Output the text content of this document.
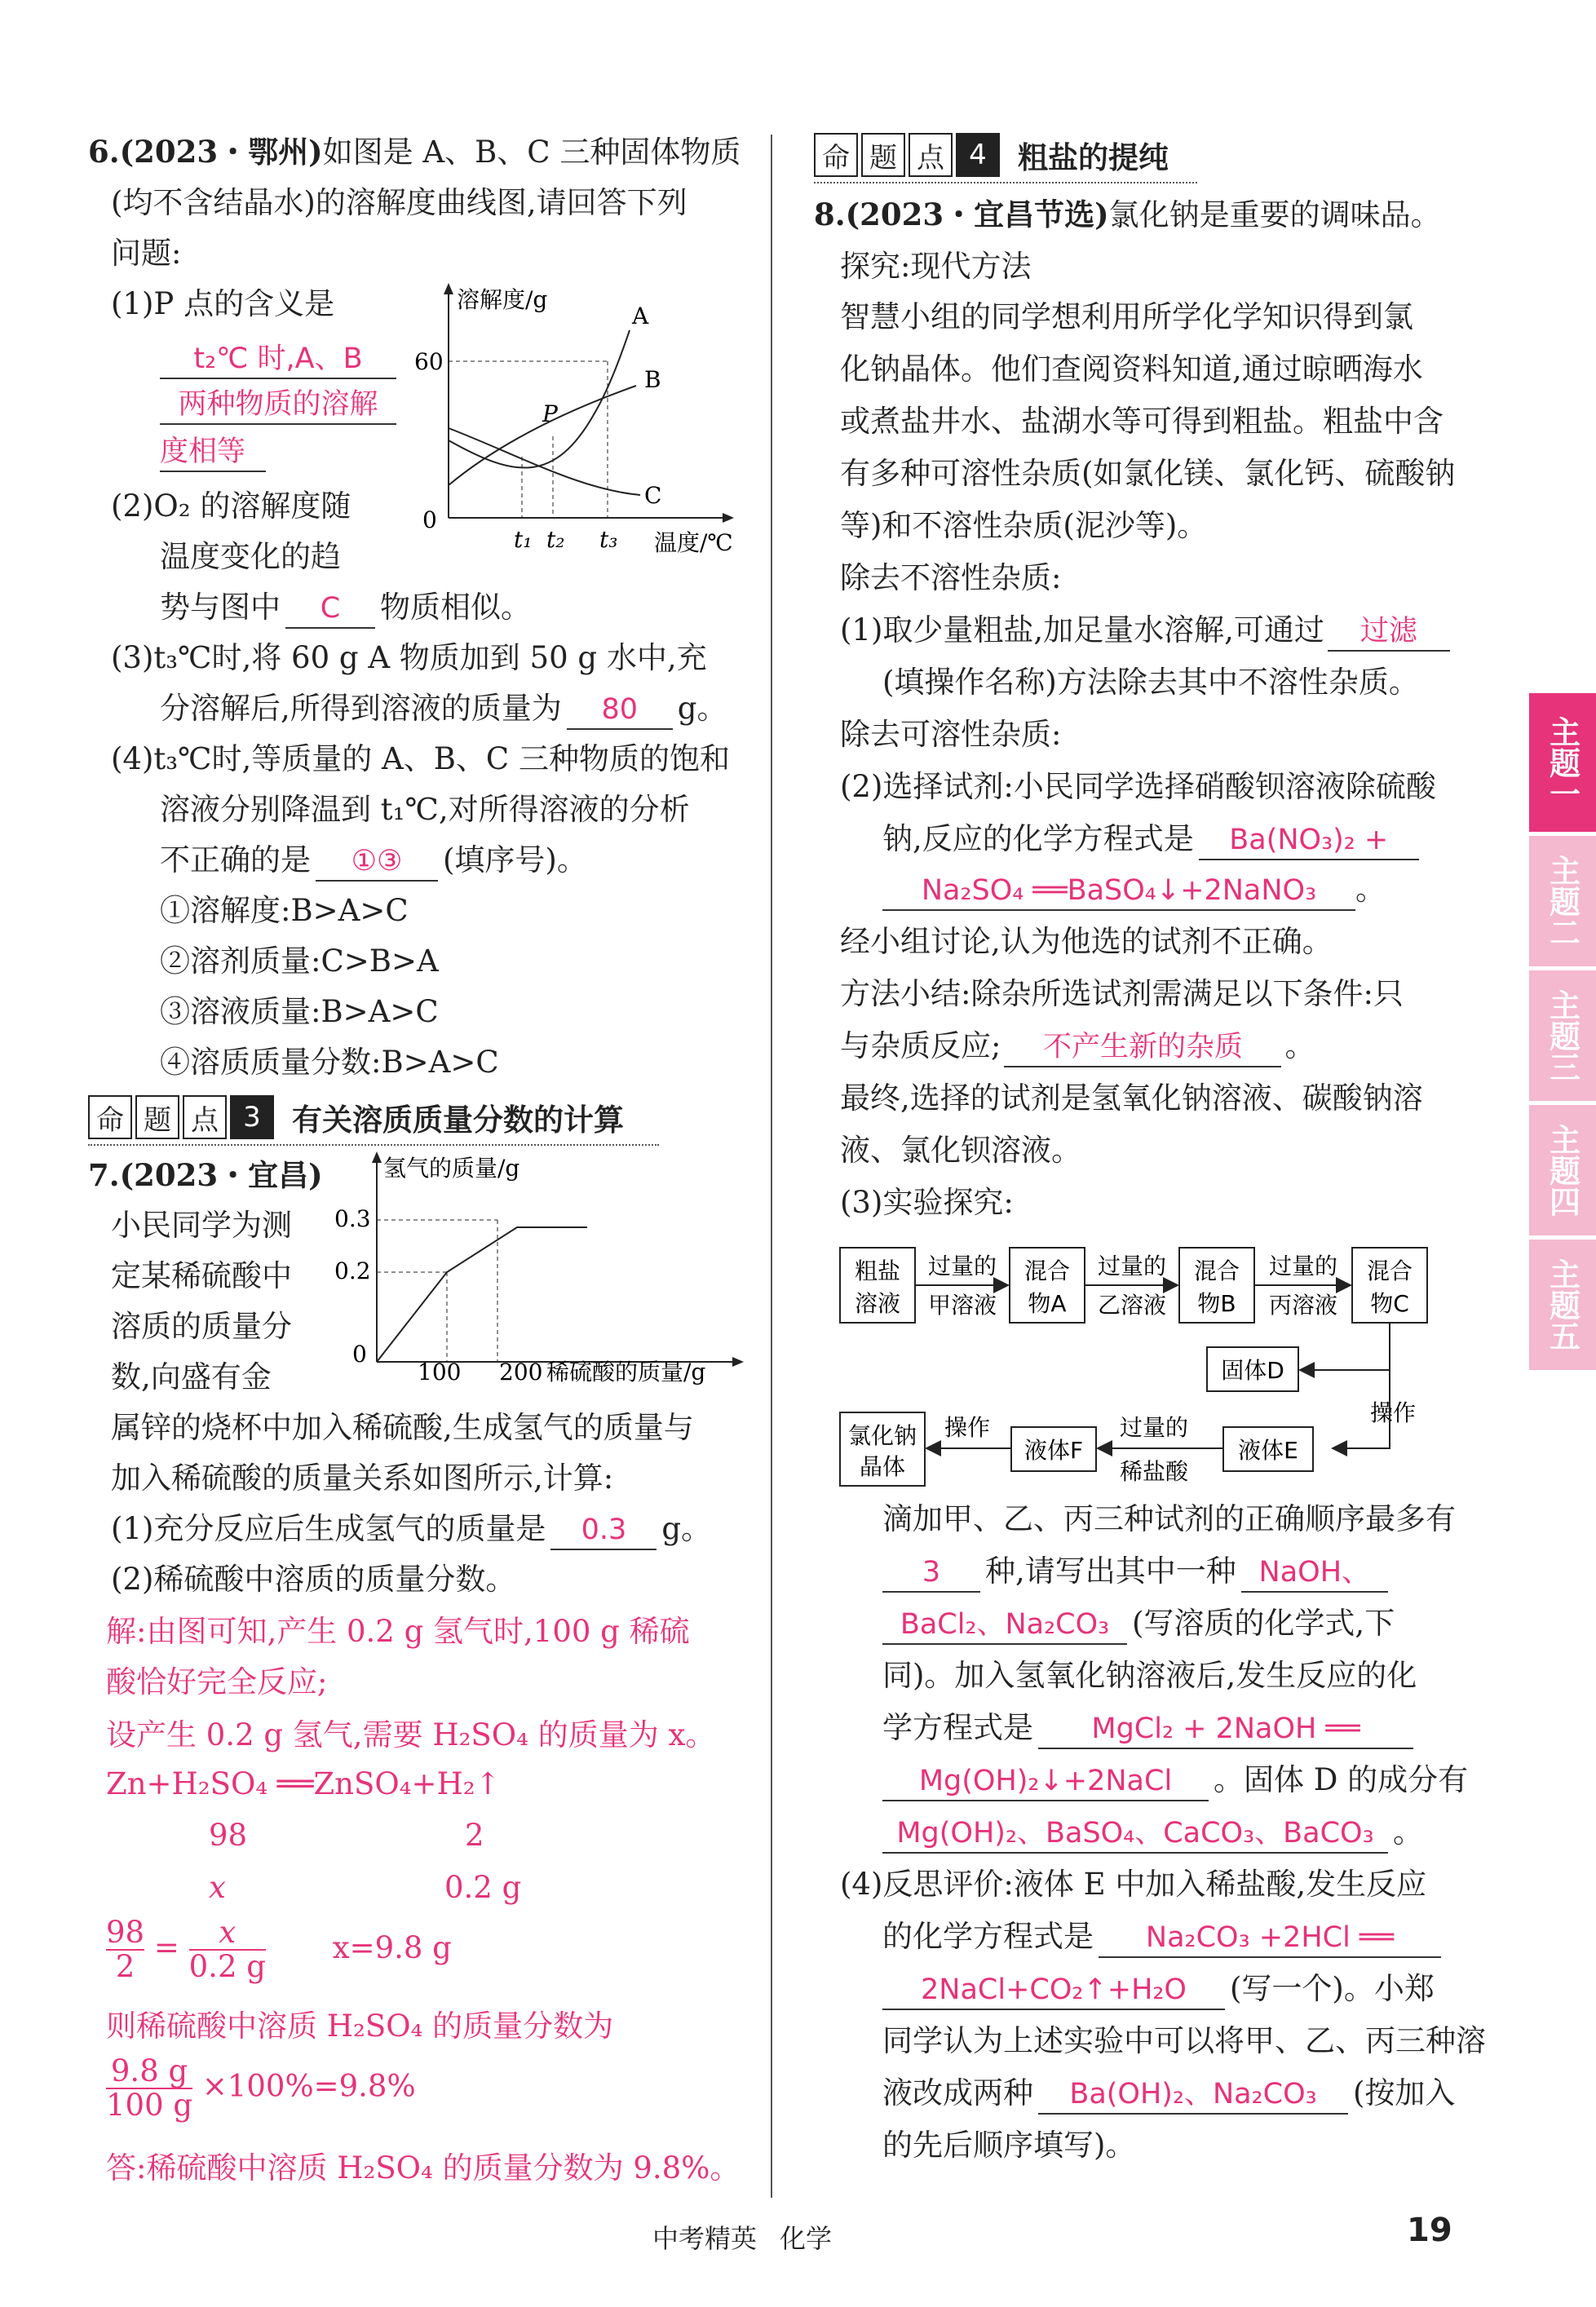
6.(2023・鄂州)如图是 A、B、C 三种固体物质
(均不含结晶水)的溶解度曲线图,请回答下列
问题:
(1)P 点的含义是
t₂℃ 时,A、B
两种物质的溶解
度相等
(2)O₂ 的溶解度随
温度变化的趋
势与图中 C 物质相似。
(3)t₃℃时,将 60 g A 物质加到 50 g 水中,充
分溶解后,所得到溶液的质量为 80 g。
(4)t₃℃时,等质量的 A、B、C 三种物质的饱和
溶液分别降温到 t₁℃,对所得溶液的分析
不正确的是 ①③ (填序号)。
①溶解度:B>A>C
②溶剂质量:C>B>A
③溶液质量:B>A>C
④溶质质量分数:B>A>C
溶解度/g
温度/℃
60
0
t₁ t₂ t₃
A
B
C
P
命 题 点 3	有关溶质质量分数的计算
7.(2023・宜昌)
小民同学为测
定某稀硫酸中
溶质的质量分
数,向盛有金
属锌的烧杯中加入稀硫酸,生成氢气的质量与
加入稀硫酸的质量关系如图所示,计算:
(1)充分反应后生成氢气的质量是 0.3 g。
(2)稀硫酸中溶质的质量分数。
解:由图可知,产生 0.2 g 氢气时,100 g 稀硫
酸恰好完全反应;
设产生 0.2 g 氢气,需要 H₂SO₄ 的质量为 x。
Zn+H₂SO₄ ══ZnSO₄+H₂↑
98	2
x	0.2 g
$\frac{98}{2} = \frac{x}{0.2 g} x=9.8$ g
则稀硫酸中溶质 H₂SO₄ 的质量分数为
$\frac{9.8 g}{100 g} \times 100\%=9.8\%$
答:稀硫酸中溶质 H₂SO₄ 的质量分数为 9.8%。
氢气的质量/g
稀硫酸的质量/g
0.3
0.2
0
100 200
命 题 点 4	粗盐的提纯
8.(2023・宜昌节选)氯化钠是重要的调味品。
探究:现代方法
智慧小组的同学想利用所学化学知识得到氯
化钠晶体。他们查阅资料知道,通过晾晒海水
或煮盐井水、盐湖水等可得到粗盐。粗盐中含
有多种可溶性杂质(如氯化镁、氯化钙、硫酸钠
等)和不溶性杂质(泥沙等)。
除去不溶性杂质:
(1)取少量粗盐,加足量水溶解,可通过 过滤
(填操作名称)方法除去其中不溶性杂质。
除去可溶性杂质:
(2)选择试剂:小民同学选择硝酸钡溶液除硫酸
钠,反应的化学方程式是 Ba(NO₃)₂ +
Na₂SO₄ ══BaSO₄↓+2NaNO₃ 。
经小组讨论,认为他选的试剂不正确。
方法小结:除杂所选试剂需满足以下条件:只
与杂质反应; 不产生新的杂质 。
最终,选择的试剂是氢氧化钠溶液、碳酸钠溶
液、氯化钡溶液。
(3)实验探究:
粗盐
溶液
过量的
甲溶液
混合
物A
过量的
乙溶液
混合
物B
过量的
丙溶液
混合
物C
固体D
操作
液体E
过量的
稀盐酸
液体F
操作
氯化钠
晶体
滴加甲、乙、丙三种试剂的正确顺序最多有
3 种,请写出其中一种 NaOH、
BaCl₂、Na₂CO₃ (写溶质的化学式,下
同)。加入氢氧化钠溶液后,发生反应的化
学方程式是 MgCl₂ + 2NaOH ══
Mg(OH)₂↓+2NaCl 。固体 D 的成分有
Mg(OH)₂、BaSO₄、CaCO₃、BaCO₃ 。
(4)反思评价:液体 E 中加入稀盐酸,发生反应
的化学方程式是 Na₂CO₃ +2HCl ══
2NaCl+CO₂↑+H₂O (写一个)。小郑
同学认为上述实验中可以将甲、乙、丙三种溶
液改成两种 Ba(OH)₂、Na₂CO₃ (按加入
的先后顺序填写)。
主题一
主题二
主题三
主题四
主题五
中考精英 化学	19
